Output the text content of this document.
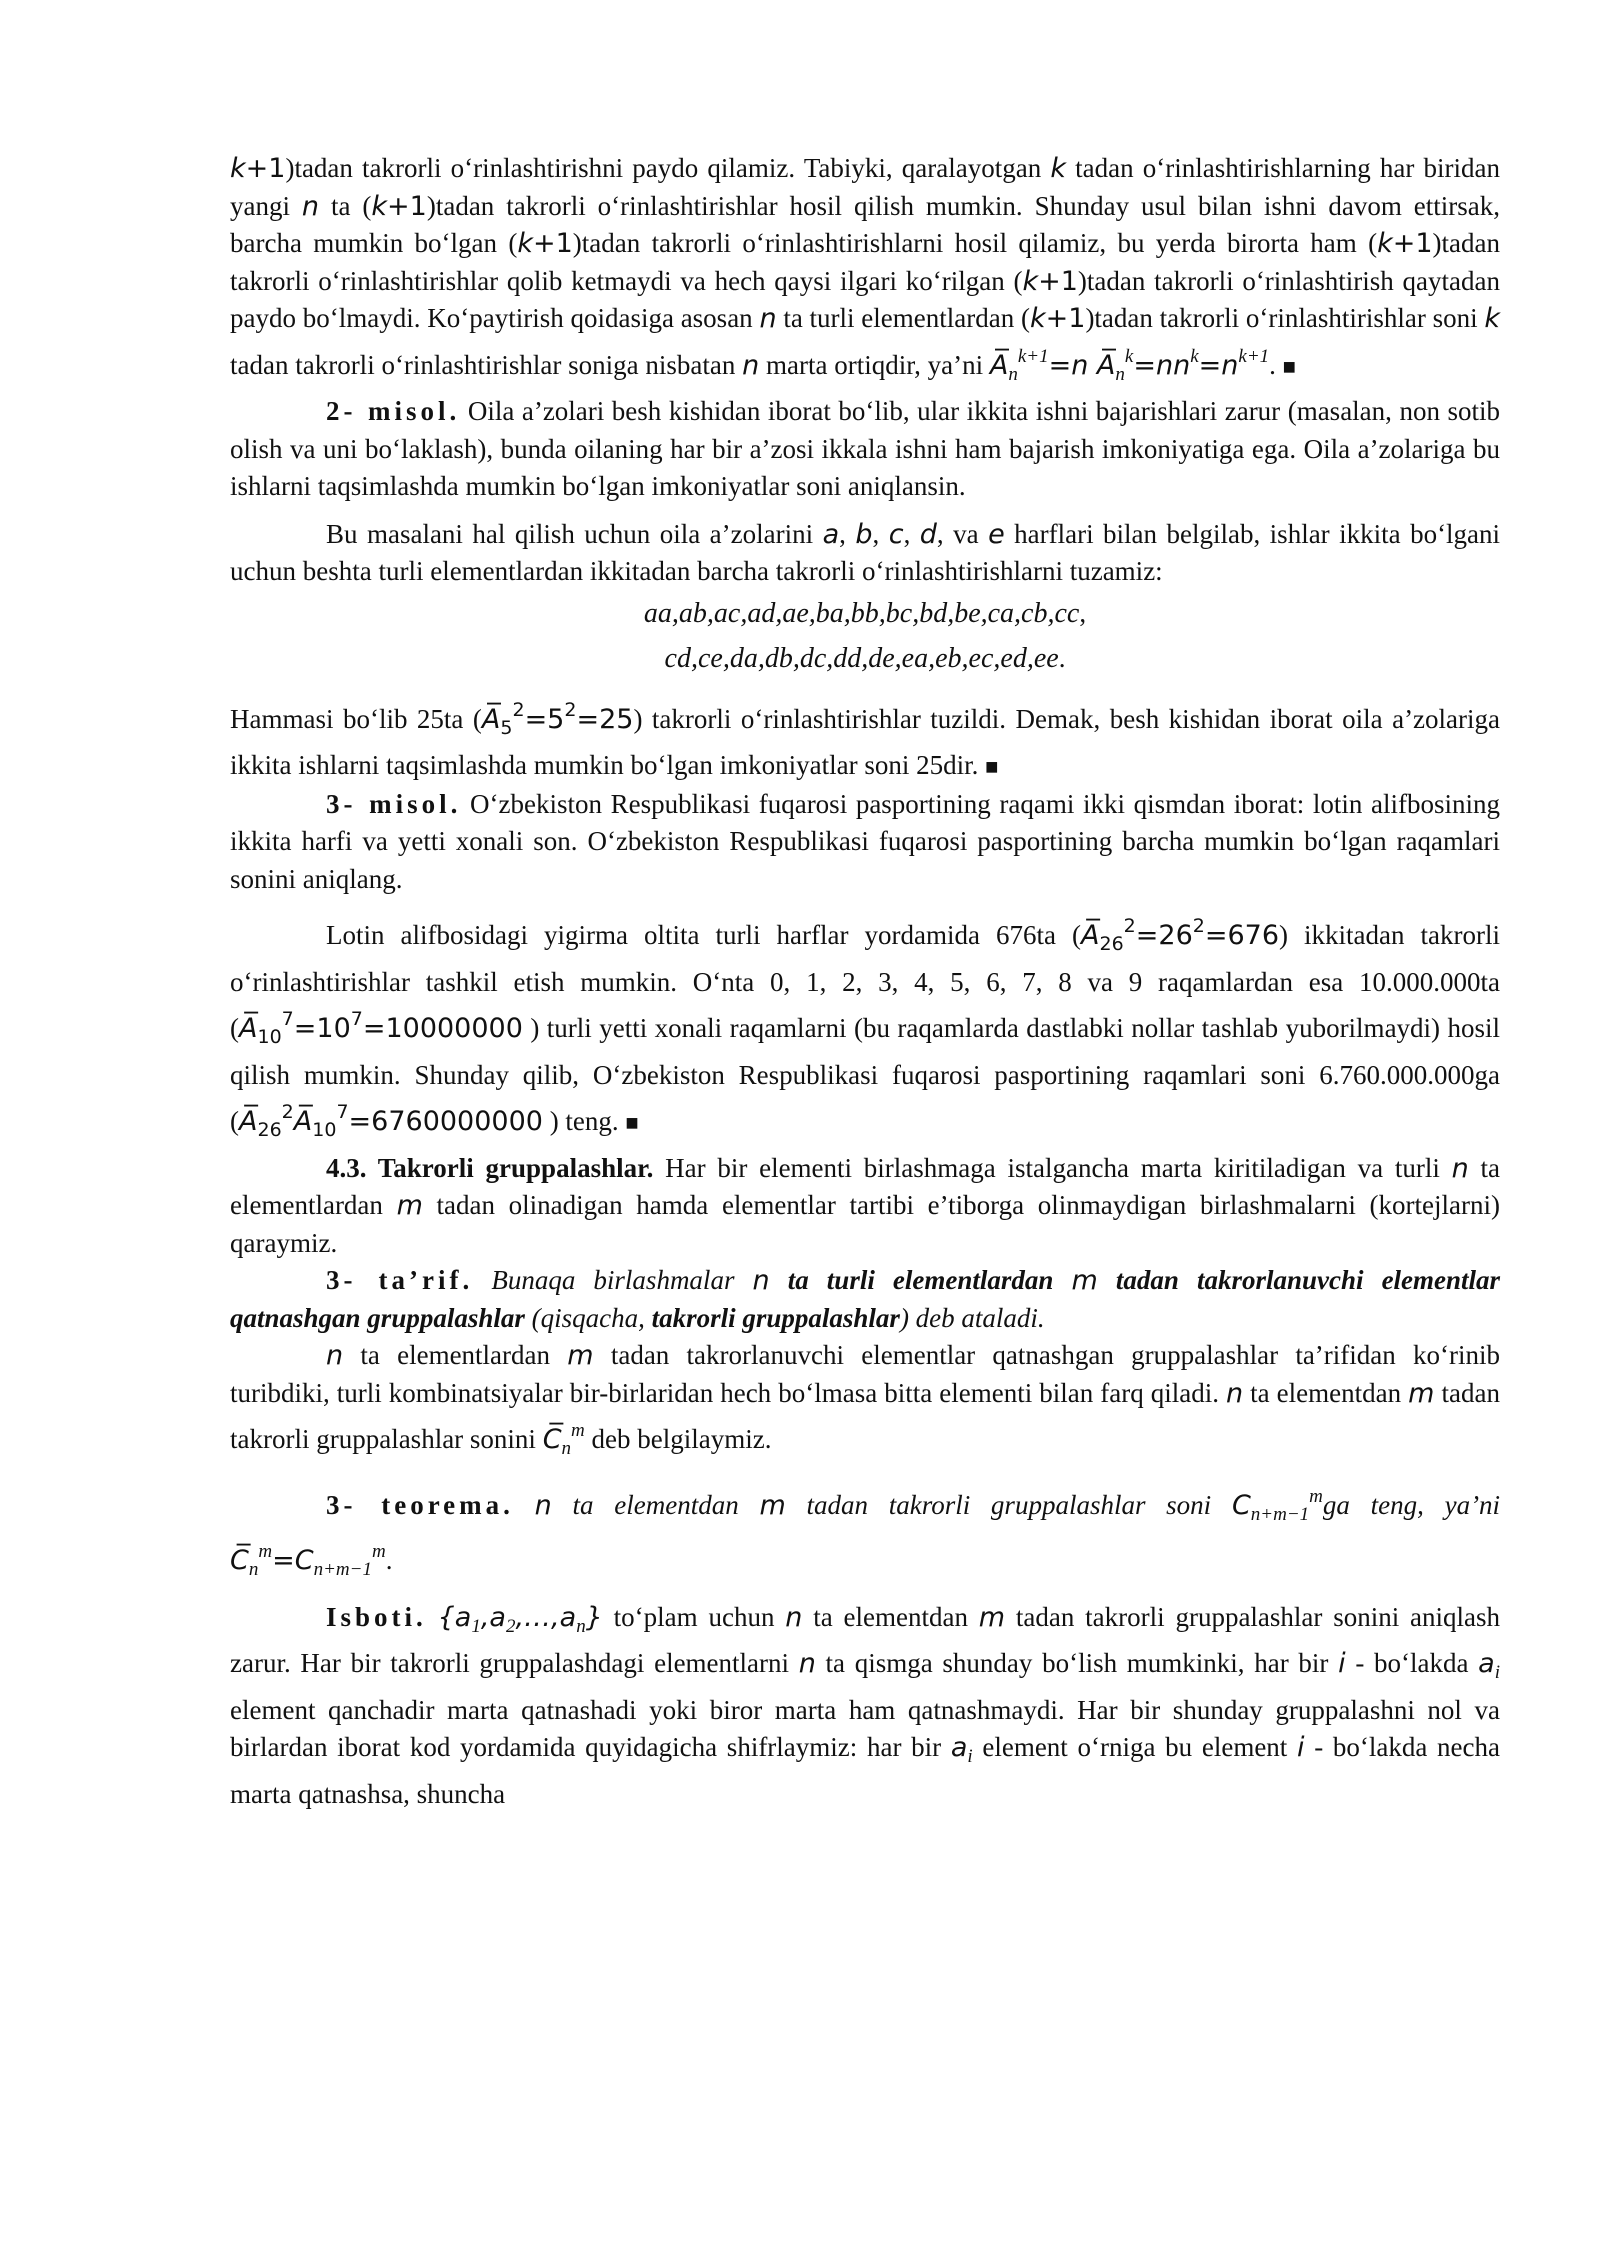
k+1)tadan takrorli o‘rinlashtirishni paydo qilamiz. Tabiyki, qaralayotgan k tadan o‘rinlashtirishlarning har biridan yangi n ta (k+1)tadan takrorli o‘rinlashtirishlar hosil qilish mumkin. Shunday usul bilan ishni davom ettirsak, barcha mumkin bo‘lgan (k+1)tadan takrorli o‘rinlashtirishlarni hosil qilamiz, bu yerda birorta ham (k+1)tadan takrorli o‘rinlashtirishlar qolib ketmaydi va hech qaysi ilgari ko‘rilgan (k+1)tadan takrorli o‘rinlashtirish qaytadan paydo bo‘lmaydi. Ko‘paytirish qoidasiga asosan n ta turli elementlardan (k+1)tadan takrorli o‘rinlashtirishlar soni k tadan takrorli o‘rinlashtirishlar soniga nisbatan n marta ortiqdir, ya’ni $A̅_n^{k+1}=n$ $A̅_n^k=nn^k=n^{k+1}$. ■

2- misol. Oila a’zolari besh kishidan iborat bo‘lib, ular ikkita ishni bajarishlari zarur (masalan, non sotib olish va uni bo‘laklash), bunda oilaning har bir a’zosi ikkala ishni ham bajarish imkoniyatiga ega. Oila a’zolariga bu ishlarni taqsimlashda mumkin bo‘lgan imkoniyatlar soni aniqlansin.

Bu masalani hal qilish uchun oila a’zolarini a, b, c, d, va e harflari bilan belgilab, ishlar ikkita bo‘lgani uchun beshta turli elementlardan ikkitadan barcha takrorli o‘rinlashtirishlarni tuzamiz:

aa,ab,ac,ad,ae,ba,bb,bc,bd,be,ca,cb,cc,

cd,ce,da,db,dc,dd,de,ea,eb,ec,ed,ee.

Hammasi bo‘lib 25ta $(A̅_5^2=5^2=25)$ takrorli o‘rinlashtirishlar tuzildi. Demak, besh kishidan iborat oila a’zolariga ikkita ishlarni taqsimlashda mumkin bo‘lgan imkoniyatlar soni 25dir. ■

3- misol. O‘zbekiston Respublikasi fuqarosi pasportining raqami ikki qismdan iborat: lotin alifbosining ikkita harfi va yetti xonali son. O‘zbekiston Respublikasi fuqarosi pasportining barcha mumkin bo‘lgan raqamlari sonini aniqlang.

Lotin alifbosidagi yigirma oltita turli harflar yordamida 676ta $(A̅_{26}^2=26^2=676)$ ikkitadan takrorli o‘rinlashtirishlar tashkil etish mumkin. O‘nta 0, 1, 2, 3, 4, 5, 6, 7, 8 va 9 raqamlardan esa 10.000.000ta ($A̅_{10}^7=10^7=10000000$ ) turli yetti xonali raqamlarni (bu raqamlarda dastlabki nollar tashlab yuborilmaydi) hosil qilish mumkin. Shunday qilib, O‘zbekiston Respublikasi fuqarosi pasportining raqamlari soni 6.760.000.000ga ($A̅_{26}^2A̅_{10}^7=6760000000$ ) teng. ■

4.3. Takrorli gruppalashlar. Har bir elementi birlashmaga istalgancha marta kiritiladigan va turli n ta elementlardan m tadan olinadigan hamda elementlar tartibi e’tiborga olinmaydigan birlashmalarni (kortejlarni) qaraymiz.

3- ta’rif. Bunaqa birlashmalar n ta turli elementlardan m tadan takrorlanuvchi elementlar qatnashgan gruppalashlar (qisqacha, takrorli gruppalashlar) deb ataladi.

n ta elementlardan m tadan takrorlanuvchi elementlar qatnashgan gruppalashlar ta’rifidan ko‘rinib turibdiki, turli kombinatsiyalar bir-birlaridan hech bo‘lmasa bitta elementi bilan farq qiladi. n ta elementdan m tadan takrorli gruppalashlar sonini $C̅_n^m$ deb belgilaymiz.

3- teorema. n ta elementdan m tadan takrorli gruppalashlar soni $C_{n+m-1}^mga$ teng, ya’ni $C̅_n^m=C_{n+m-1}^m$.

Isboti. $\{a_1,a_2,\dots,a_n\}$ to‘plam uchun n ta elementdan m tadan takrorli gruppalashlar sonini aniqlash zarur. Har bir takrorli gruppalashdagi elementlarni n ta qismga shunday bo‘lish mumkinki, har bir i - bo‘lakda $a_i$ element qanchadir marta qatnashadi yoki biror marta ham qatnashmaydi. Har bir shunday gruppalashni nol va birlardan iborat kod yordamida quyidagicha shifrlaymiz: har bir $a_i$ element o‘rniga bu element i - bo‘lakda necha marta qatnashsa, shuncha
